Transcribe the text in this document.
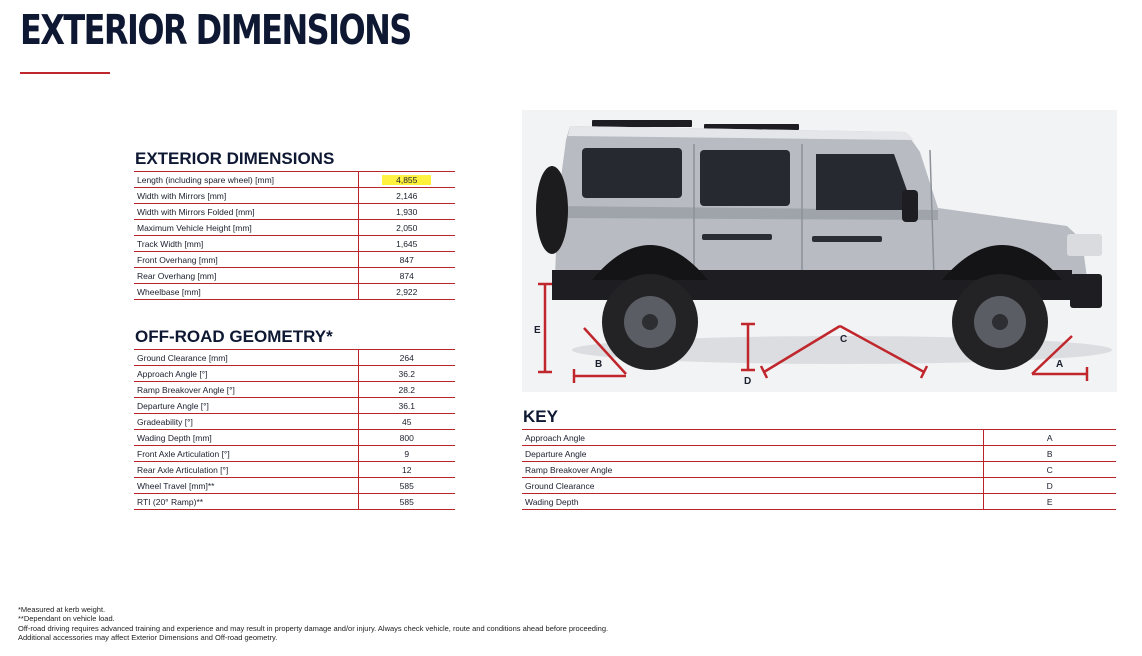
EXTERIOR DIMENSIONS
EXTERIOR DIMENSIONS
Length (including spare wheel) [mm]	4,855
Width with Mirrors [mm]	2,146
Width with Mirrors Folded [mm]	1,930
Maximum Vehicle Height [mm]	2,050
Track Width [mm]	1,645
Front Overhang [mm]	847
Rear Overhang [mm]	874
Wheelbase [mm]	2,922
OFF-ROAD GEOMETRY*
Ground Clearance [mm]	264
Approach Angle [°]	36.2
Ramp Breakover Angle [°]	28.2
Departure Angle [°]	36.1
Gradeability [°]	45
Wading Depth [mm]	800
Front Axle Articulation [°]	9
Rear Axle Articulation [°]	12
Wheel Travel [mm]**	585
RTI (20° Ramp)**	585
E
B
D
C
A
KEY
Approach Angle	A
Departure Angle	B
Ramp Breakover Angle	C
Ground Clearance	D
Wading Depth	E
*Measured at kerb weight.
**Dependant on vehicle load.
Off-road driving requires advanced training and experience and may result in property damage and/or injury. Always check vehicle, route and conditions ahead before proceeding.
Additional accessories may affect Exterior Dimensions and Off-road geometry.
